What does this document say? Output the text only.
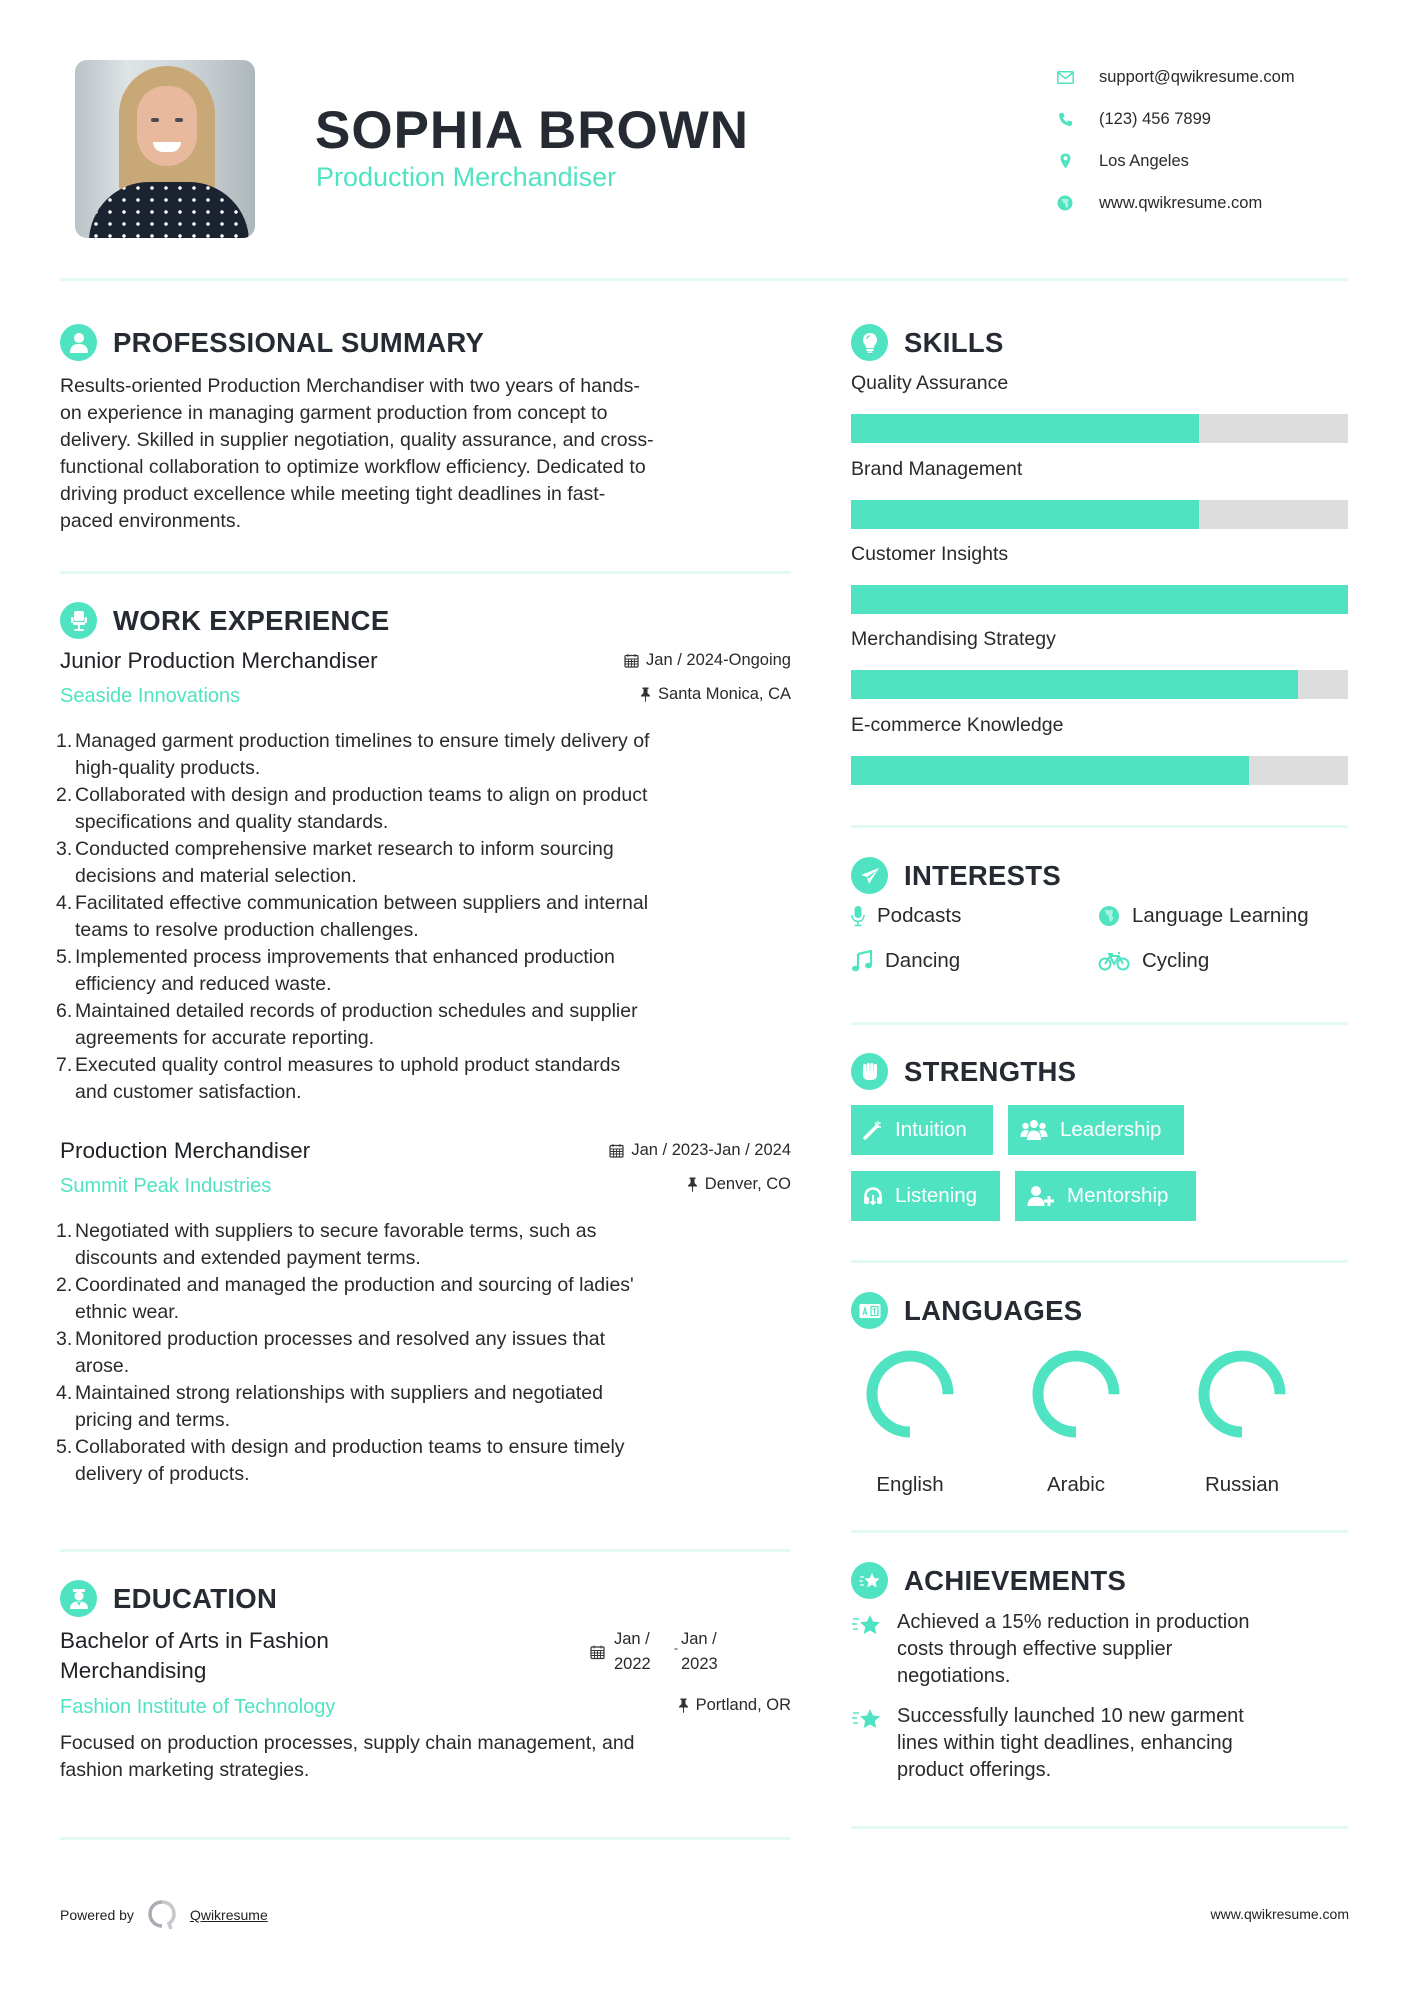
SOPHIA BROWN
Production Merchandiser
support@qwikresume.com
(123) 456 7899
Los Angeles
www.qwikresume.com
PROFESSIONAL SUMMARY
Results-oriented Production Merchandiser with two years of hands-
on experience in managing garment production from concept to
delivery. Skilled in supplier negotiation, quality assurance, and cross-
functional collaboration to optimize workflow efficiency. Dedicated to
driving product excellence while meeting tight deadlines in fast-
paced environments.
WORK EXPERIENCE
Junior Production Merchandiser	Jan / 2024-Ongoing
Seaside Innovations	Santa Monica, CA
1. Managed garment production timelines to ensure timely delivery of
high-quality products.
2. Collaborated with design and production teams to align on product
specifications and quality standards.
3. Conducted comprehensive market research to inform sourcing
decisions and material selection.
4. Facilitated effective communication between suppliers and internal
teams to resolve production challenges.
5. Implemented process improvements that enhanced production
efficiency and reduced waste.
6. Maintained detailed records of production schedules and supplier
agreements for accurate reporting.
7. Executed quality control measures to uphold product standards
and customer satisfaction.
Production Merchandiser	Jan / 2023-Jan / 2024
Summit Peak Industries	Denver, CO
1. Negotiated with suppliers to secure favorable terms, such as
discounts and extended payment terms.
2. Coordinated and managed the production and sourcing of ladies'
ethnic wear.
3. Monitored production processes and resolved any issues that
arose.
4. Maintained strong relationships with suppliers and negotiated
pricing and terms.
5. Collaborated with design and production teams to ensure timely
delivery of products.
EDUCATION
Bachelor of Arts in Fashion
Merchandising
Jan /
2022
- Jan /
2023
Fashion Institute of Technology	Portland, OR
Focused on production processes, supply chain management, and
fashion marketing strategies.
SKILLS
Quality Assurance
Brand Management
Customer Insights
Merchandising Strategy
E-commerce Knowledge
INTERESTS
Podcasts	Language Learning
Dancing	Cycling
STRENGTHS
Intuition	Leadership
Listening	Mentorship
LANGUAGES
English	Arabic	Russian
ACHIEVEMENTS
Achieved a 15% reduction in production
costs through effective supplier
negotiations.
Successfully launched 10 new garment
lines within tight deadlines, enhancing
product offerings.
Powered by	Qwikresume	www.qwikresume.com
